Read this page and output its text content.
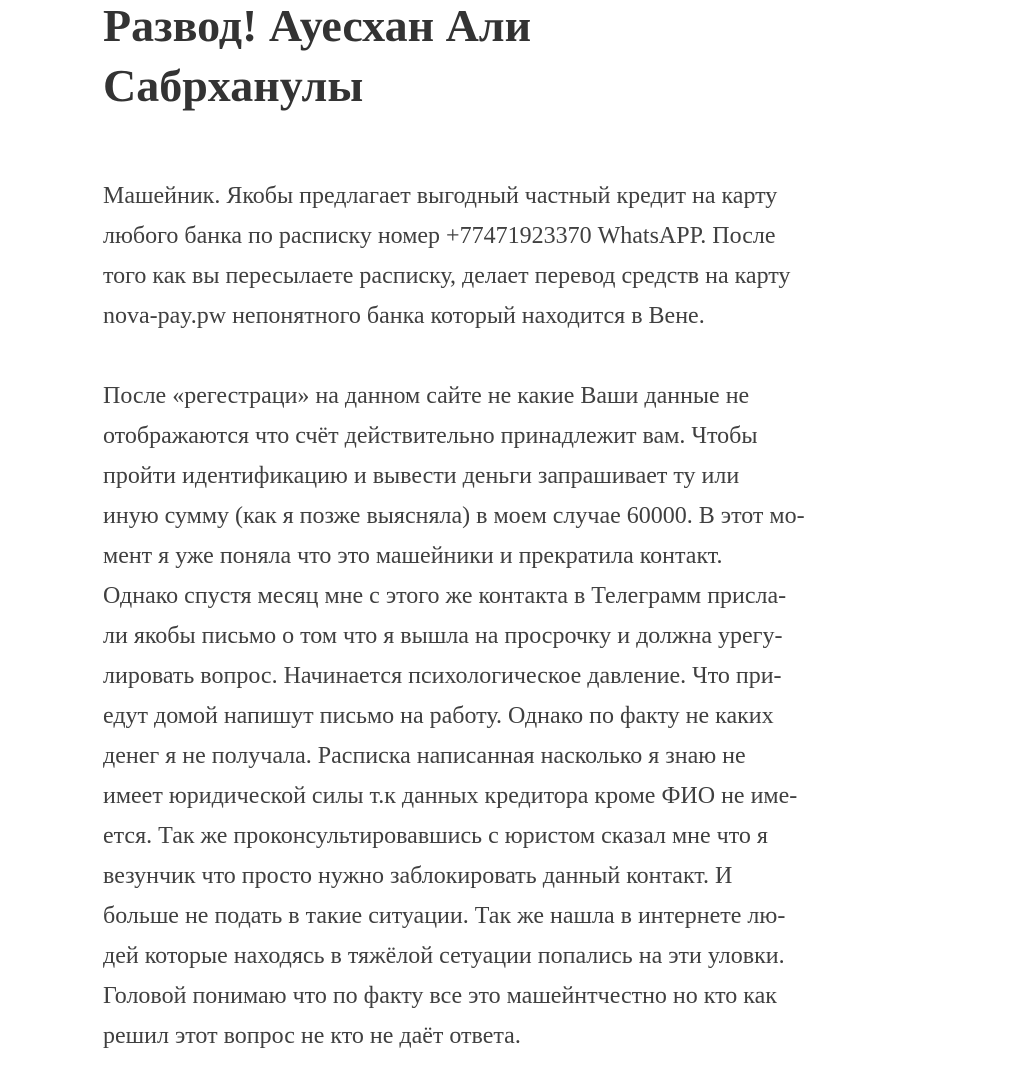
Развод! Ауесхан Али
Сабрханулы

Машейник. Якобы предлагает выгодный частный кредит на карту
любого банка по расписку номер +77471923370 WhatsAPP. После
того как вы пересылаете расписку, делает перевод средств на карту
nova-pay.pw непонятного банка который находится в Вене.

После «регестраци» на данном сайте не какие Ваши данные не
отображаются что счёт действительно принадлежит вам. Чтобы
пройти идентификацию и вывести деньги запрашивает ту или
иную сумму (как я позже выясняла) в моем случае 60000. В этот мо-
мент я уже поняла что это машейники и прекратила контакт.
Однако спустя месяц мне с этого же контакта в Телеграмм присла-
ли якобы письмо о том что я вышла на просрочку и должна урегу-
лировать вопрос. Начинается психологическое давление. Что при-
едут домой напишут письмо на работу. Однако по факту не каких
денег я не получала. Расписка написанная насколько я знаю не
имеет юридической силы т.к данных кредитора кроме ФИО не име-
ется. Так же проконсультировавшись с юристом сказал мне что я
везунчик что просто нужно заблокировать данный контакт. И
больше не подать в такие ситуации. Так же нашла в интернете лю-
дей которые находясь в тяжёлой сетуации попались на эти уловки.
Головой понимаю что по факту все это машейнтчестно но кто как
решил этот вопрос не кто не даёт ответа.
